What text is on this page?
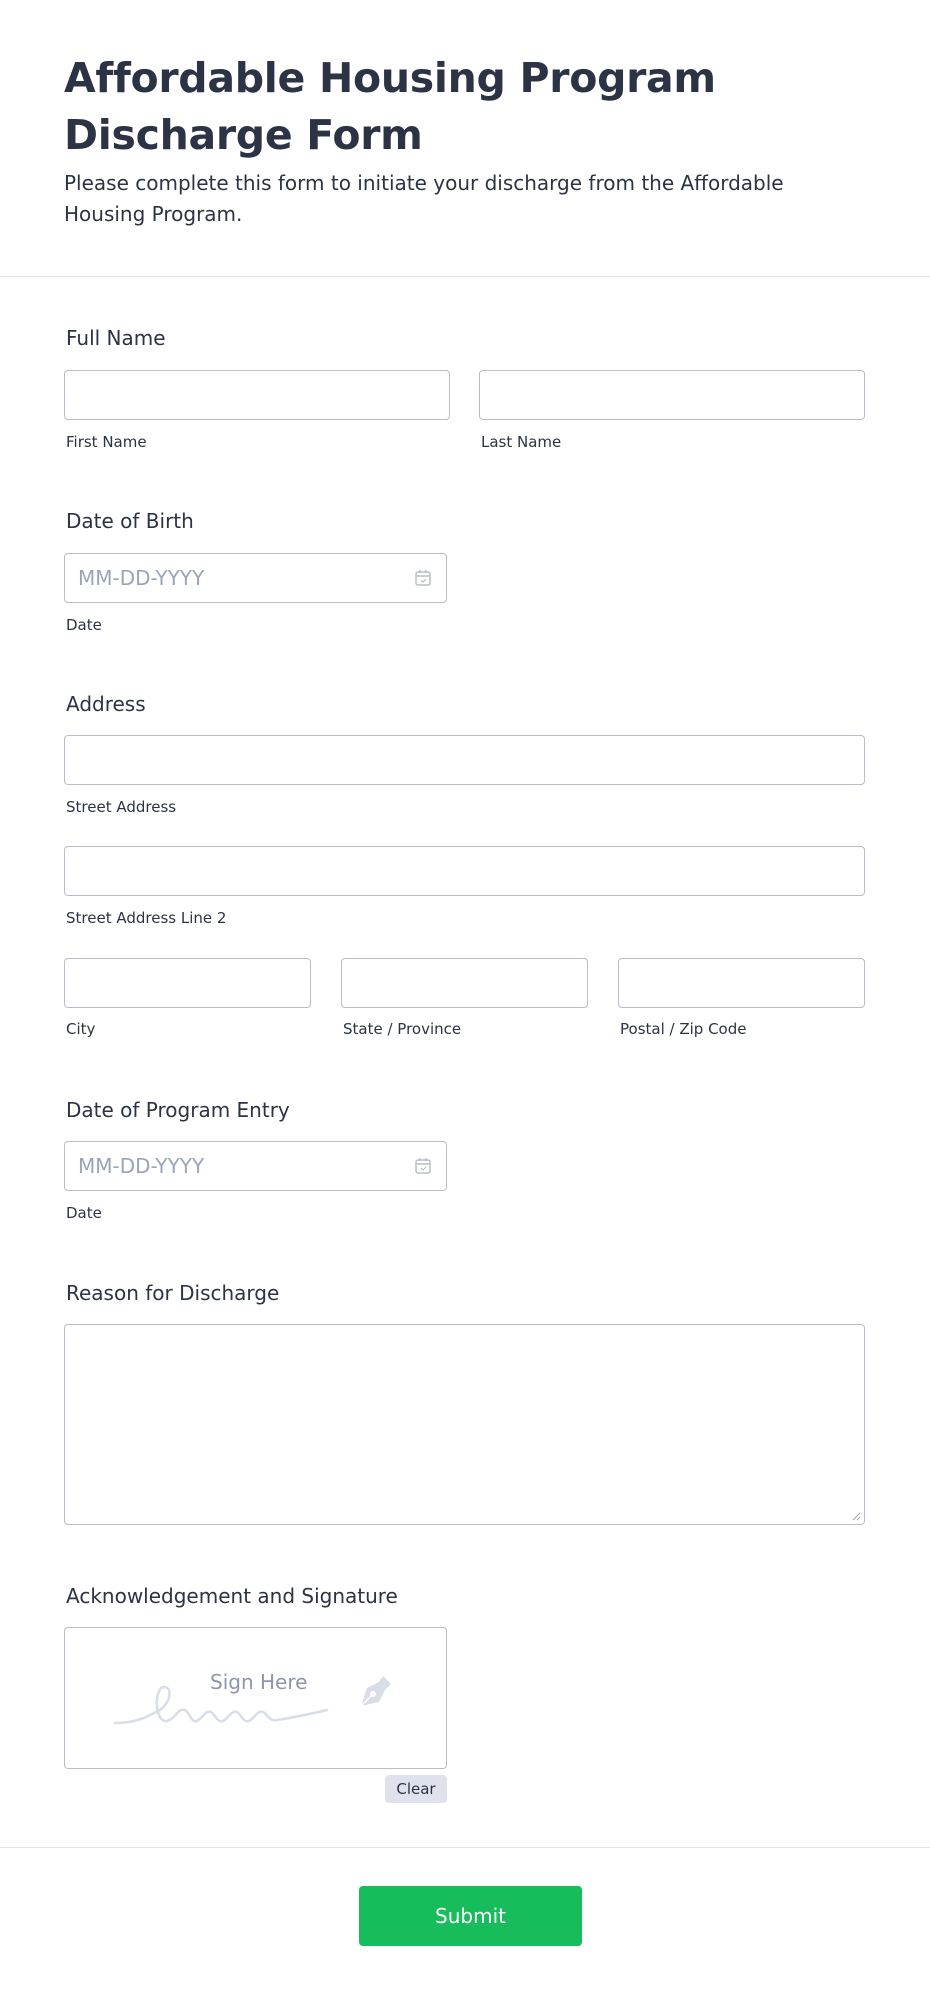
Affordable Housing Program Discharge Form

Please complete this form to initiate your discharge from the Affordable Housing Program.

Full Name
First Name	Last Name
Date of Birth
MM-DD-YYYY
Date
Address
Street Address
Street Address Line 2
City	State / Province	Postal / Zip Code
Date of Program Entry
MM-DD-YYYY
Date
Reason for Discharge
Acknowledgement and Signature
Sign Here
Clear
Submit
